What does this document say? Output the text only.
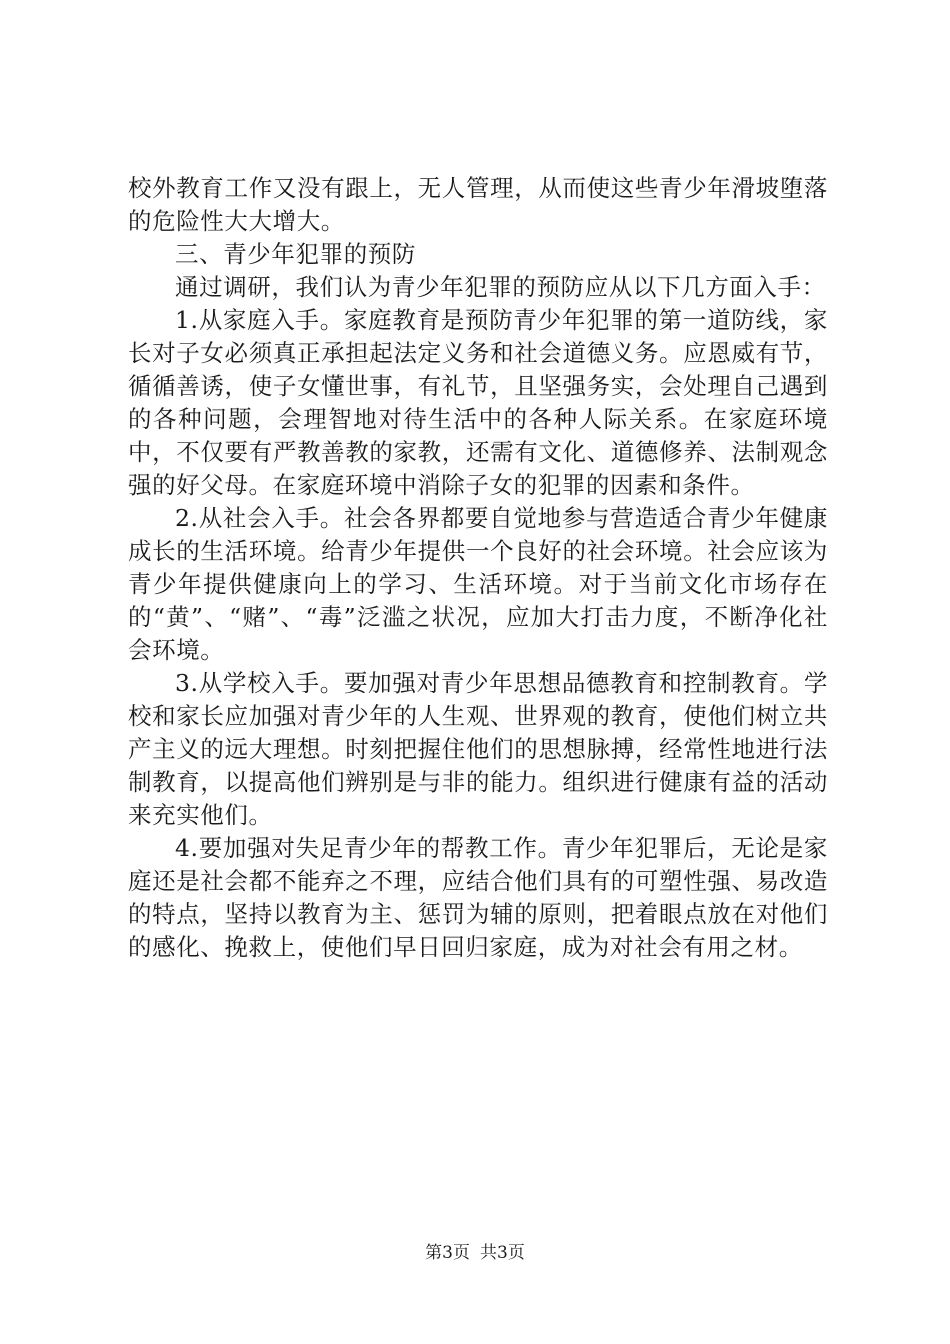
校外教育工作又没有跟上，无人管理，从而使这些青少年滑坡堕落的危险性大大增大。

三、青少年犯罪的预防

通过调研，我们认为青少年犯罪的预防应从以下几方面入手：

1.从家庭入手。家庭教育是预防青少年犯罪的第一道防线，家长对子女必须真正承担起法定义务和社会道德义务。应恩威有节，循循善诱，使子女懂世事，有礼节，且坚强务实，会处理自己遇到的各种问题，会理智地对待生活中的各种人际关系。在家庭环境中，不仅要有严教善教的家教，还需有文化、道德修养、法制观念强的好父母。在家庭环境中消除子女的犯罪的因素和条件。

2.从社会入手。社会各界都要自觉地参与营造适合青少年健康成长的生活环境。给青少年提供一个良好的社会环境。社会应该为青少年提供健康向上的学习、生活环境。对于当前文化市场存在的“黄”、“赌”、“毒”泛滥之状况，应加大打击力度，不断净化社会环境。

3.从学校入手。要加强对青少年思想品德教育和控制教育。学校和家长应加强对青少年的人生观、世界观的教育，使他们树立共产主义的远大理想。时刻把握住他们的思想脉搏，经常性地进行法制教育，以提高他们辨别是与非的能力。组织进行健康有益的活动来充实他们。

4.要加强对失足青少年的帮教工作。青少年犯罪后，无论是家庭还是社会都不能弃之不理，应结合他们具有的可塑性强、易改造的特点，坚持以教育为主、惩罚为辅的原则，把着眼点放在对他们的感化、挽救上，使他们早日回归家庭，成为对社会有用之材。

第3页 共3页
